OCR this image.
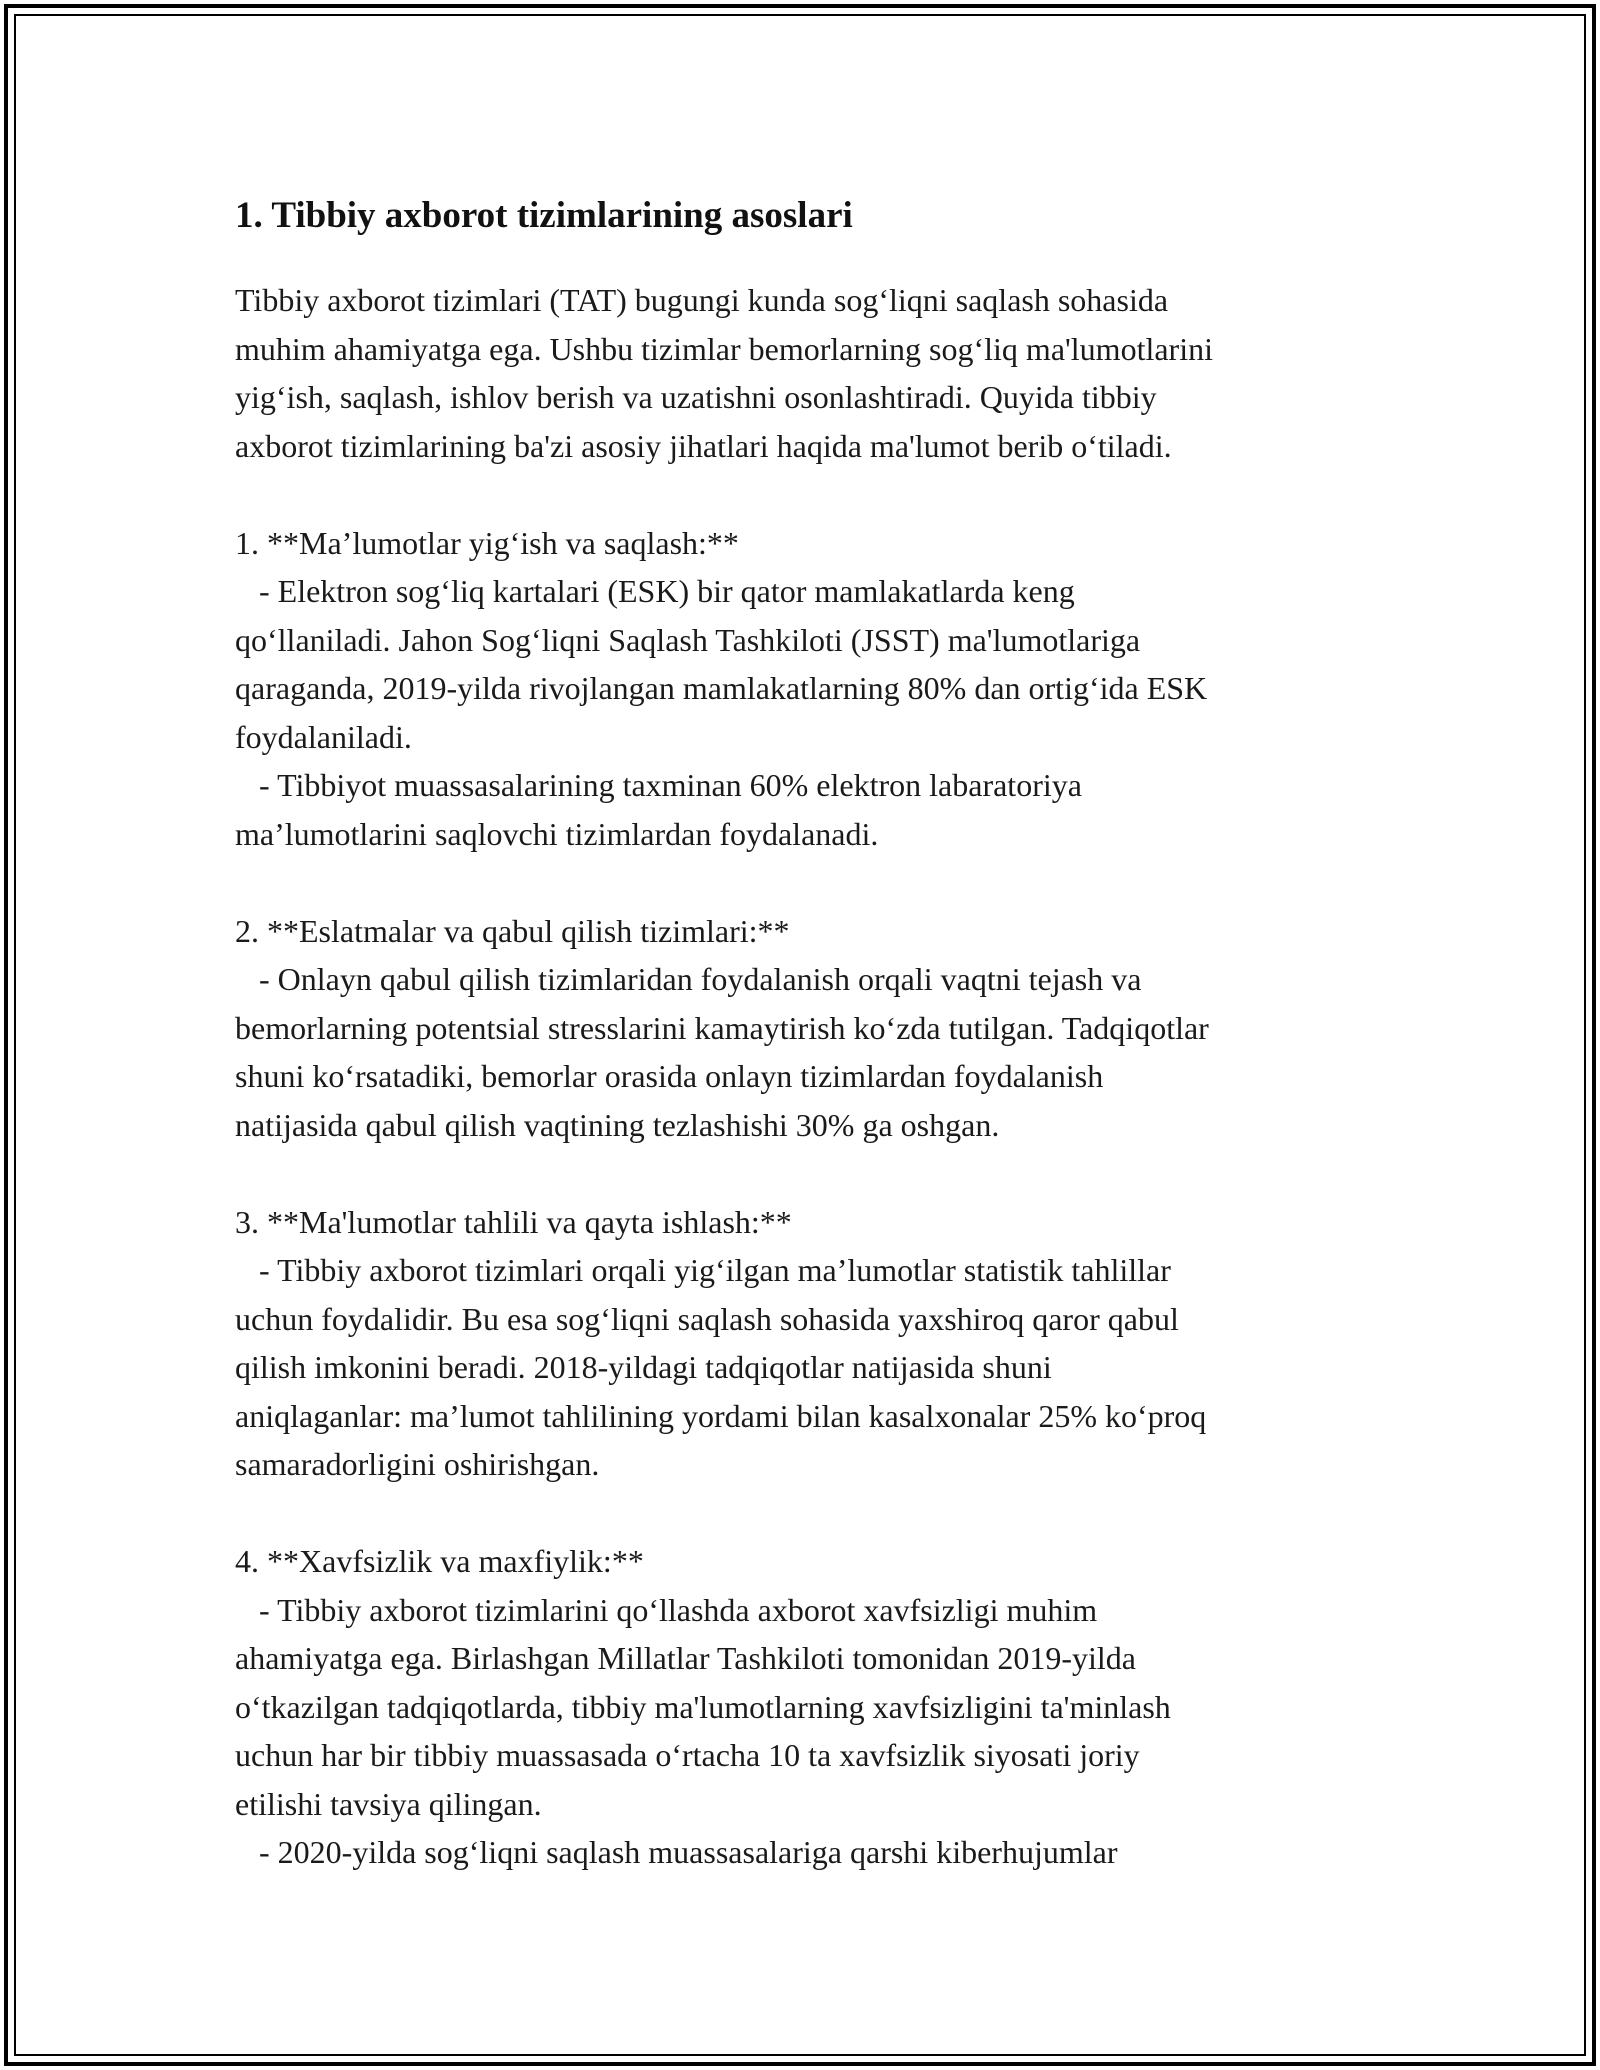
1. Tibbiy axborot tizimlarining asoslari

Tibbiy axborot tizimlari (TAT) bugungi kunda sog‘liqni saqlash sohasida
muhim ahamiyatga ega. Ushbu tizimlar bemorlarning sog‘liq ma'lumotlarini
yig‘ish, saqlash, ishlov berish va uzatishni osonlashtiradi. Quyida tibbiy
axborot tizimlarining ba'zi asosiy jihatlari haqida ma'lumot berib o‘tiladi.

1. **Ma’lumotlar yig‘ish va saqlash:**

- Elektron sog‘liq kartalari (ESK) bir qator mamlakatlarda keng
qo‘llaniladi. Jahon Sog‘liqni Saqlash Tashkiloti (JSST) ma'lumotlariga
qaraganda, 2019-yilda rivojlangan mamlakatlarning 80% dan ortig‘ida ESK
foydalaniladi.

- Tibbiyot muassasalarining taxminan 60% elektron labaratoriya
ma’lumotlarini saqlovchi tizimlardan foydalanadi.

2. **Eslatmalar va qabul qilish tizimlari:**

- Onlayn qabul qilish tizimlaridan foydalanish orqali vaqtni tejash va
bemorlarning potentsial stresslarini kamaytirish ko‘zda tutilgan. Tadqiqotlar
shuni ko‘rsatadiki, bemorlar orasida onlayn tizimlardan foydalanish
natijasida qabul qilish vaqtining tezlashishi 30% ga oshgan.

3. **Ma'lumotlar tahlili va qayta ishlash:**

- Tibbiy axborot tizimlari orqali yig‘ilgan ma’lumotlar statistik tahlillar
uchun foydalidir. Bu esa sog‘liqni saqlash sohasida yaxshiroq qaror qabul
qilish imkonini beradi. 2018-yildagi tadqiqotlar natijasida shuni
aniqlaganlar: ma’lumot tahlilining yordami bilan kasalxonalar 25% ko‘proq
samaradorligini oshirishgan.

4. **Xavfsizlik va maxfiylik:**

- Tibbiy axborot tizimlarini qo‘llashda axborot xavfsizligi muhim
ahamiyatga ega. Birlashgan Millatlar Tashkiloti tomonidan 2019-yilda
o‘tkazilgan tadqiqotlarda, tibbiy ma'lumotlarning xavfsizligini ta'minlash
uchun har bir tibbiy muassasada o‘rtacha 10 ta xavfsizlik siyosati joriy
etilishi tavsiya qilingan.

- 2020-yilda sog‘liqni saqlash muassasalariga qarshi kiberhujumlar
